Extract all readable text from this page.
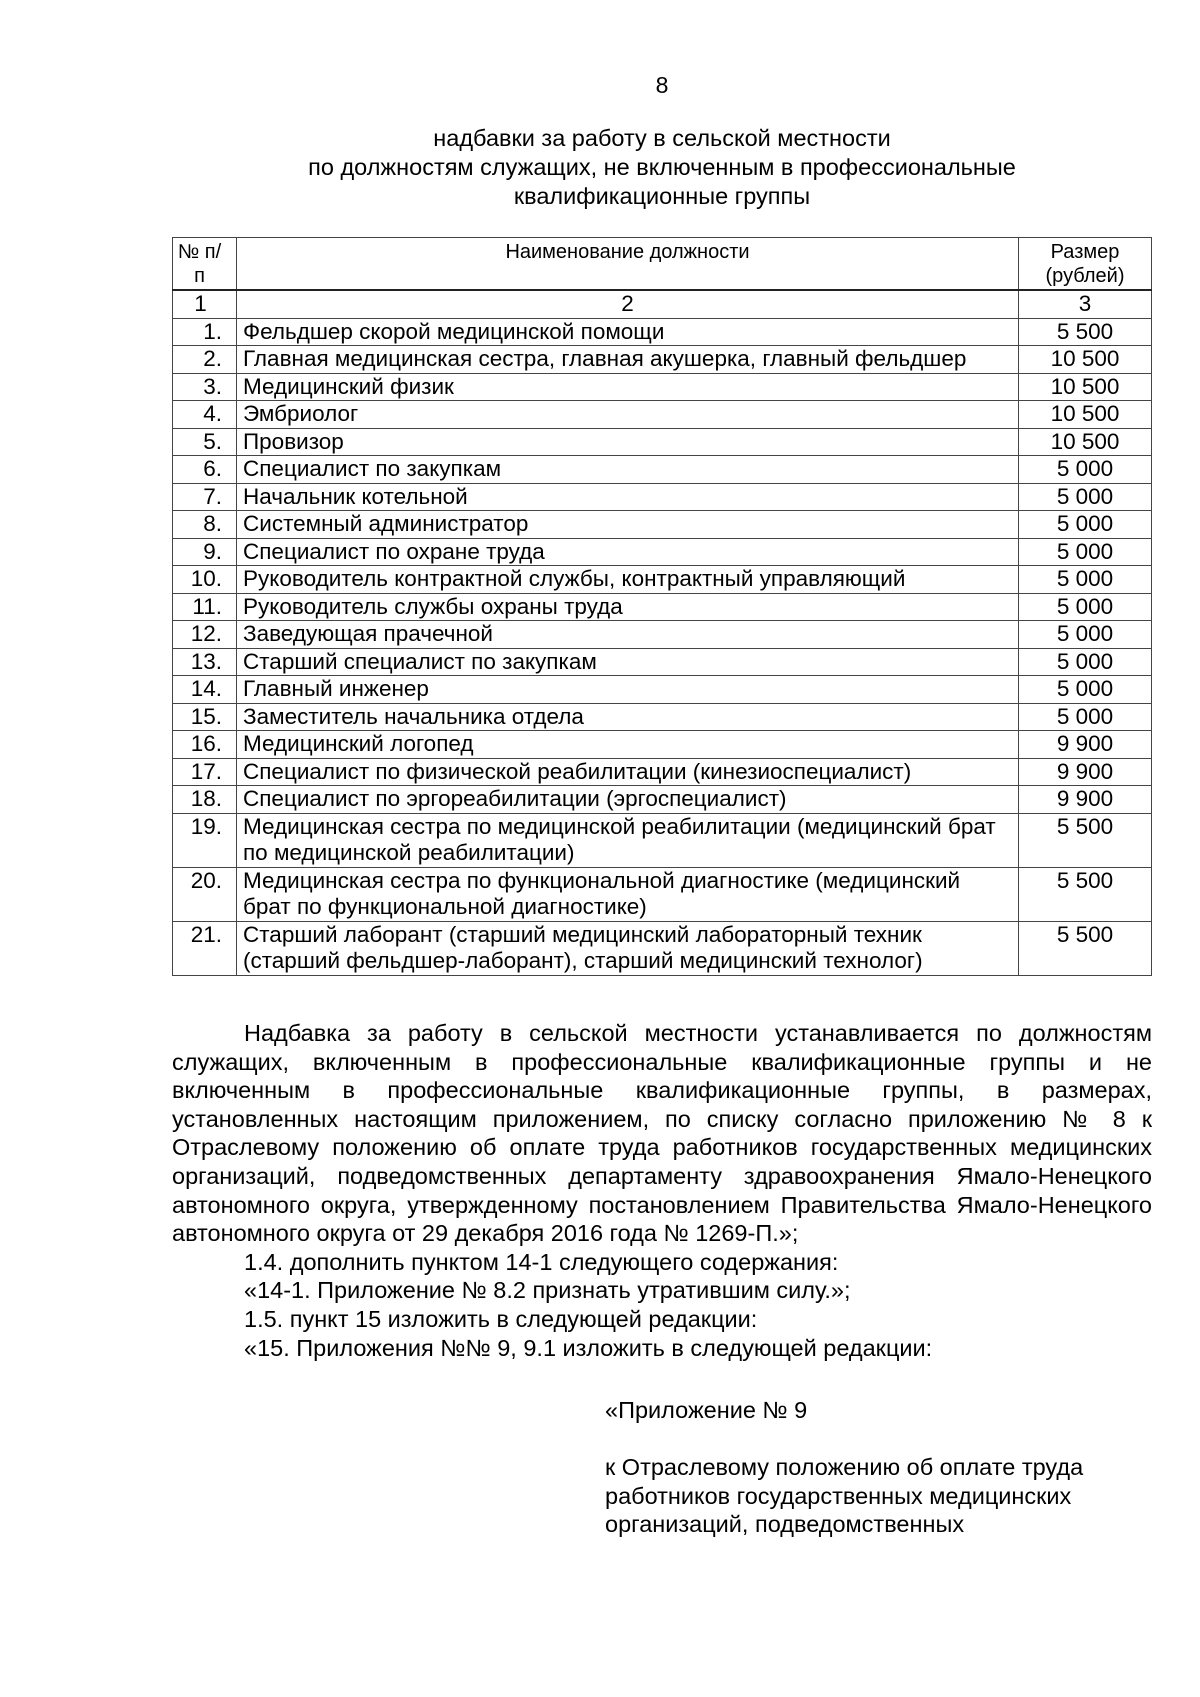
8
надбавки за работу в сельской местности
по должностям служащих, не включенным в профессиональные
квалификационные группы
№ п/п	Наименование должности	Размер (рублей)
1	2	3
1.	Фельдшер скорой медицинской помощи	5 500
2.	Главная медицинская сестра, главная акушерка, главный фельдшер	10 500
3.	Медицинский физик	10 500
4.	Эмбриолог	10 500
5.	Провизор	10 500
6.	Специалист по закупкам	5 000
7.	Начальник котельной	5 000
8.	Системный администратор	5 000
9.	Специалист по охране труда	5 000
10.	Руководитель контрактной службы, контрактный управляющий	5 000
11.	Руководитель службы охраны труда	5 000
12.	Заведующая прачечной	5 000
13.	Старший специалист по закупкам	5 000
14.	Главный инженер	5 000
15.	Заместитель начальника отдела	5 000
16.	Медицинский логопед	9 900
17.	Специалист по физической реабилитации (кинезиоспециалист)	9 900
18.	Специалист по эргореабилитации (эргоспециалист)	9 900
19.	Медицинская сестра по медицинской реабилитации (медицинский брат по медицинской реабилитации)	5 500
20.	Медицинская сестра по функциональной диагностике (медицинский брат по функциональной диагностике)	5 500
21.	Старший лаборант (старший медицинский лабораторный техник (старший фельдшер-лаборант), старший медицинский технолог)	5 500

Надбавка за работу в сельской местности устанавливается по должностям служащих, включенным в профессиональные квалификационные группы и не включенным в профессиональные квалификационные группы, в размерах, установленных настоящим приложением, по списку согласно приложению № 8 к Отраслевому положению об оплате труда работников государственных медицинских организаций, подведомственных департаменту здравоохранения Ямало-Ненецкого автономного округа, утвержденному постановлением Правительства Ямало-Ненецкого автономного округа от 29 декабря 2016 года № 1269-П.»;

1.4. дополнить пунктом 14-1 следующего содержания:

«14-1. Приложение № 8.2 признать утратившим силу.»;

1.5. пункт 15 изложить в следующей редакции:

«15. Приложения №№ 9, 9.1 изложить в следующей редакции:

«Приложение № 9

к Отраслевому положению об оплате труда работников государственных медицинских организаций, подведомственных
